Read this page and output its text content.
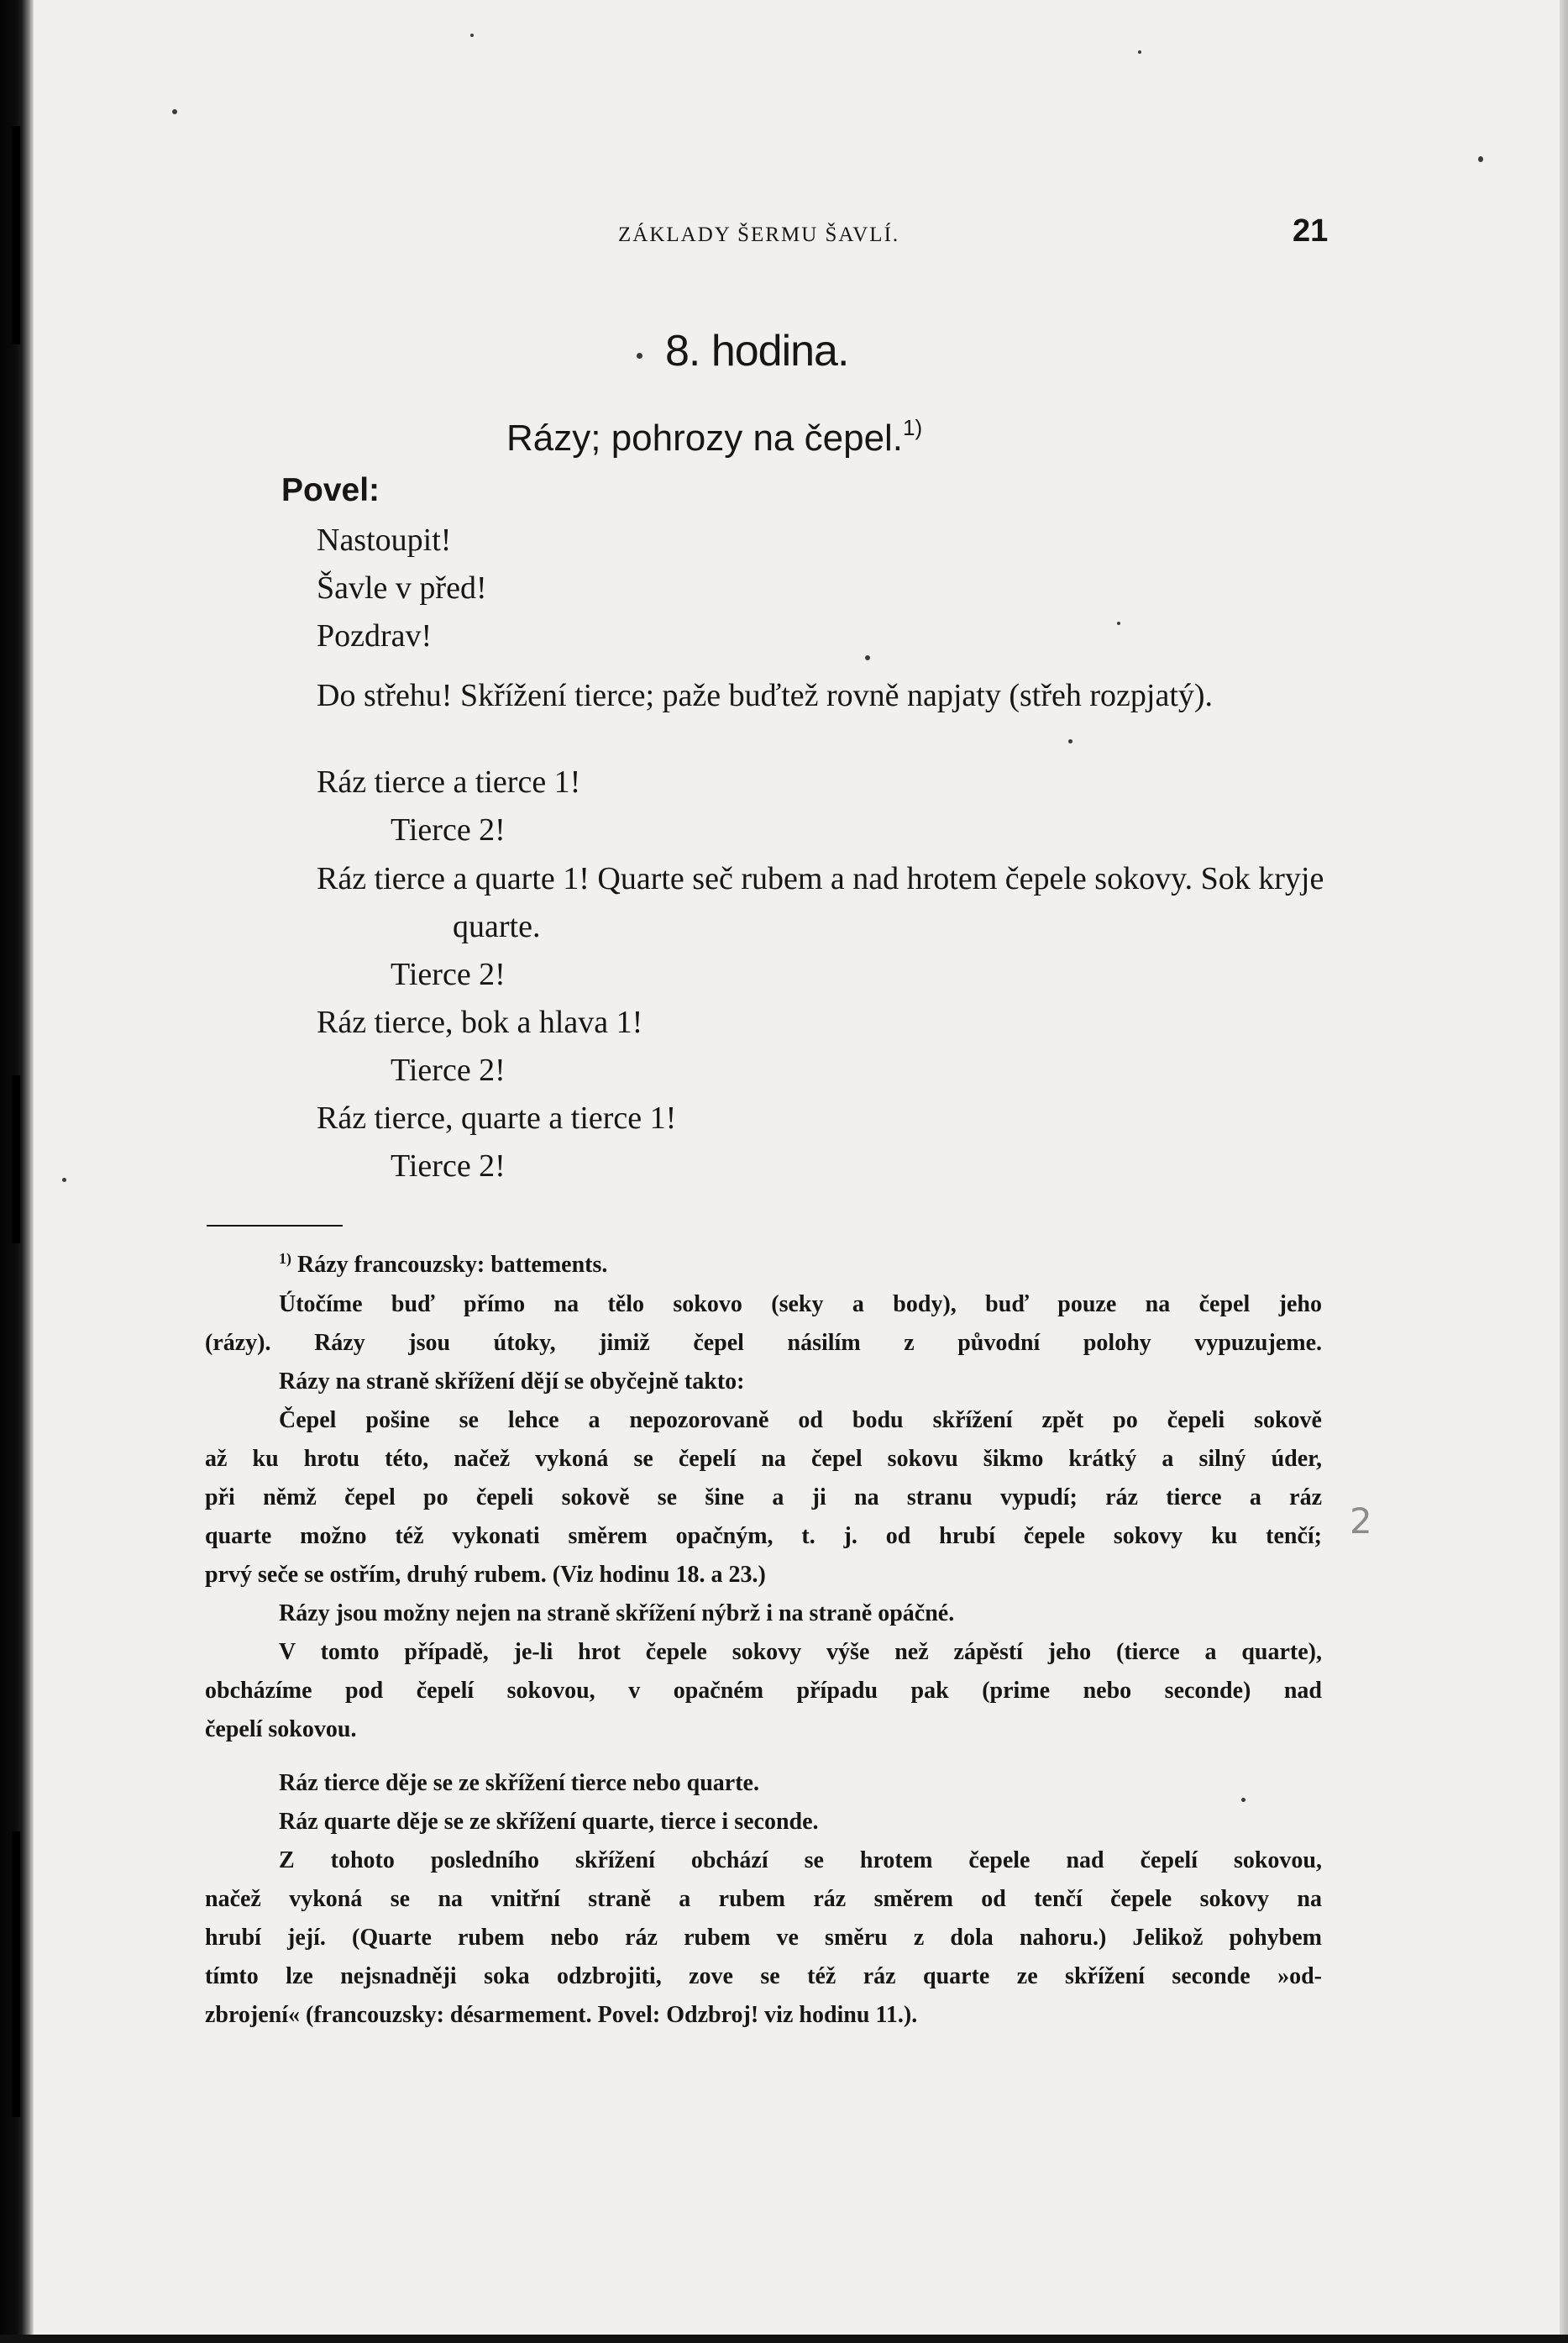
ZÁKLADY ŠERMU ŠAVLÍ.	21
8. hodina.
Rázy; pohrozy na čepel.$^{1)}$
Povel:
Nastoupit!
Šavle v před!
Pozdrav!
Do střehu! Skřížení tierce; paže buďtež rovně napjaty (střeh rozpjatý).
Ráz tierce a tierce 1!
Tierce 2!
Ráz tierce a quarte 1! Quarte seč rubem a nad hrotem čepele sokovy. Sok kryje quarte.
Tierce 2!
Ráz tierce, bok a hlava 1!
Tierce 2!
Ráz tierce, quarte a tierce 1!
Tierce 2!
$^{1)}$ Rázy francouzsky: battements.
Útočíme buď přímo na tělo sokovo (seky a body), buď pouze na čepel jeho
(rázy). Rázy jsou útoky, jimiž čepel násilím z původní polohy vypuzujeme.
Rázy na straně skřížení dějí se obyčejně takto:
Čepel pošine se lehce a nepozorovaně od bodu skřížení zpět po čepeli sokově
až ku hrotu této, načež vykoná se čepelí na čepel sokovu šikmo krátký a silný úder,
při němž čepel po čepeli sokově se šine a ji na stranu vypudí; ráz tierce a ráz
quarte možno též vykonati směrem opačným, t. j. od hrubí čepele sokovy ku tenčí;
prvý seče se ostřím, druhý rubem. (Viz hodinu 18. a 23.)
Rázy jsou možny nejen na straně skřížení nýbrž i na straně opáčné.
V tomto případě, je-li hrot čepele sokovy výše než zápěstí jeho (tierce a quarte),
obcházíme pod čepelí sokovou, v opačném případu pak (prime nebo seconde) nad
čepelí sokovou.
Ráz tierce děje se ze skřížení tierce nebo quarte.
Ráz quarte děje se ze skřížení quarte, tierce i seconde.
Z tohoto posledního skřížení obchází se hrotem čepele nad čepelí sokovou,
načež vykoná se na vnitřní straně a rubem ráz směrem od tenčí čepele sokovy na
hrubí její. (Quarte rubem nebo ráz rubem ve směru z dola nahoru.) Jelikož pohybem
tímto lze nejsnadněji soka odzbrojiti, zove se též ráz quarte ze skřížení seconde »od-
zbrojení« (francouzsky: désarmement. Povel: Odzbroj! viz hodinu 11.).
2
